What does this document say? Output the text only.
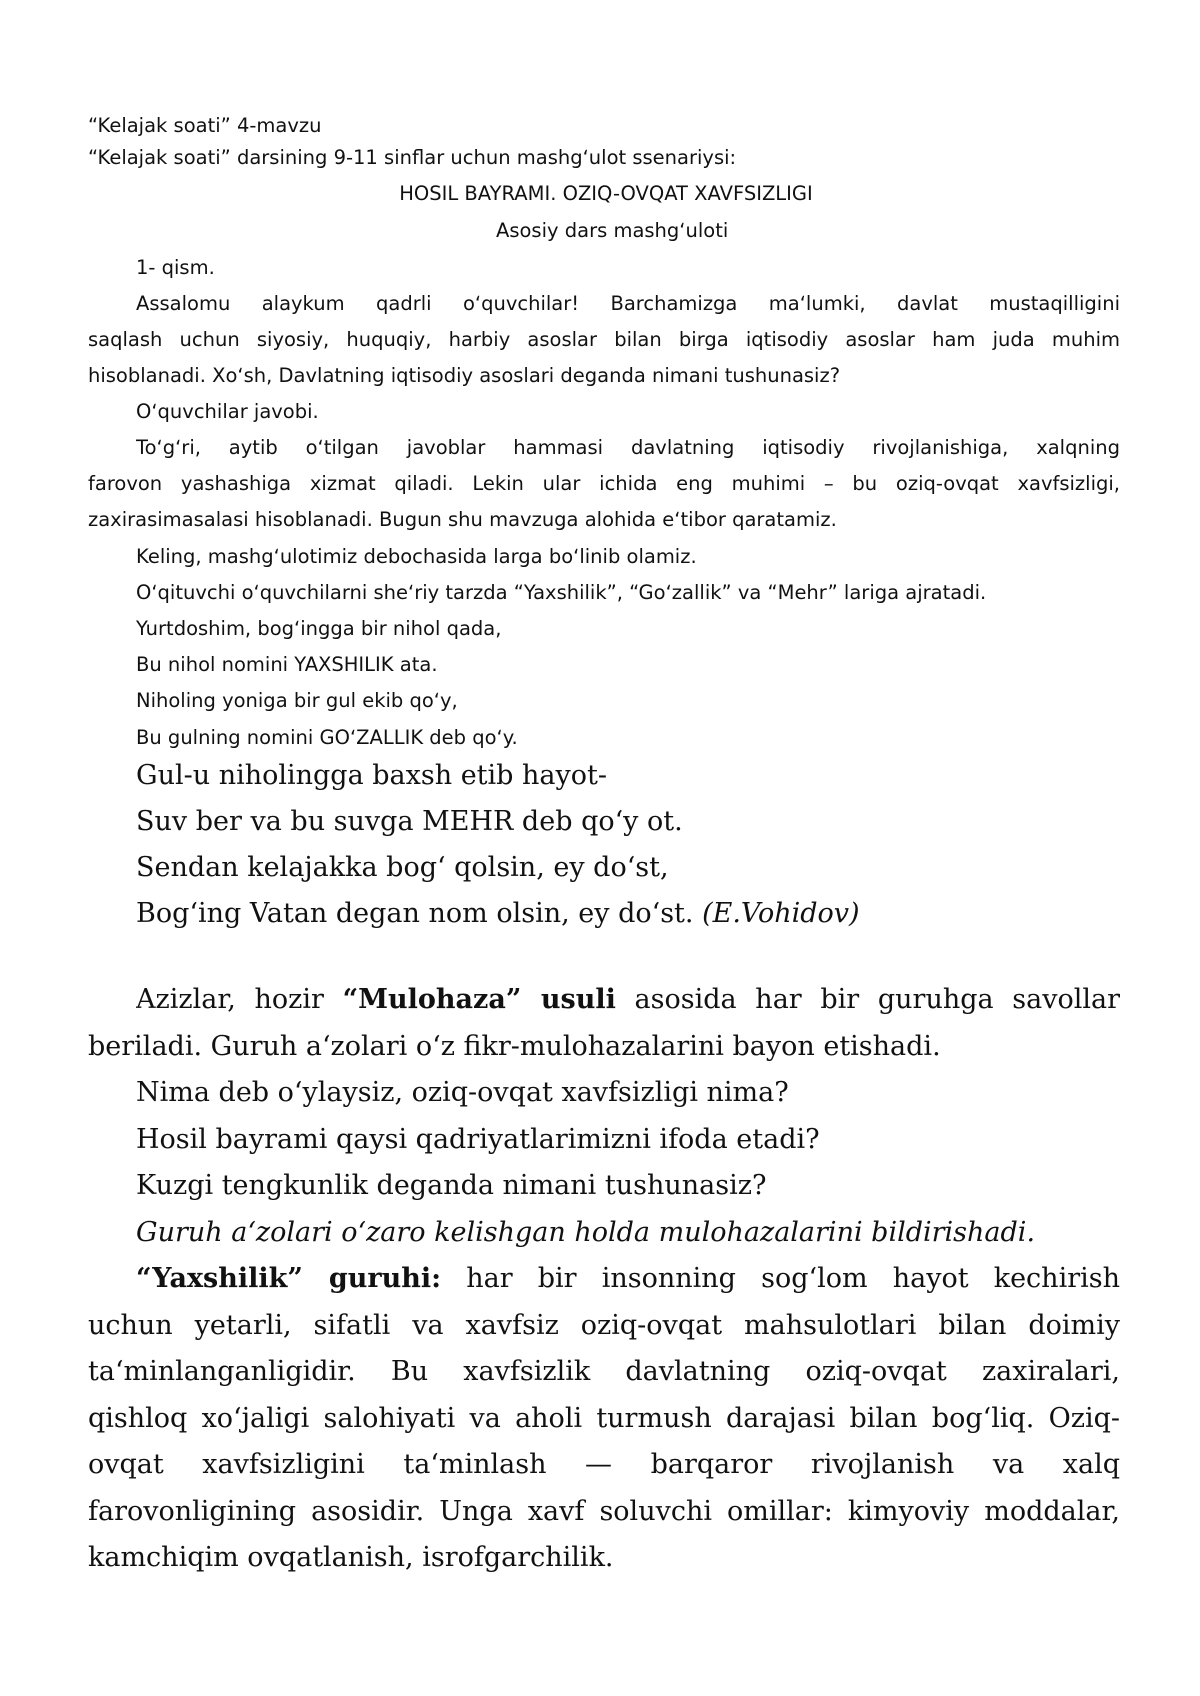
“Kelajak soati” 4-mavzu
“Kelajak soati” darsining 9-11 sinflar uchun mashgʻulot ssenariysi:
HOSIL BAYRAMI. OZIQ-OVQAT XAVFSIZLIGI
Asosiy dars mashgʻuloti
1- qism.
Assalomu alaykum qadrli oʻquvchilar! Barchamizga maʻlumki, davlat mustaqilligini
saqlash uchun siyosiy, huquqiy, harbiy asoslar bilan birga iqtisodiy asoslar ham juda muhim
hisoblanadi. Xoʻsh, Davlatning iqtisodiy asoslari deganda nimani tushunasiz?
Oʻquvchilar javobi.
Toʻgʻri, aytib oʻtilgan javoblar hammasi davlatning iqtisodiy rivojlanishiga, xalqning
farovon yashashiga xizmat qiladi. Lekin ular ichida eng muhimi – bu oziq-ovqat xavfsizligi,
zaxirasimasalasi hisoblanadi. Bugun shu mavzuga alohida eʻtibor qaratamiz.
Keling, mashgʻulotimiz debochasida larga boʻlinib olamiz.
Oʻqituvchi oʻquvchilarni sheʻriy tarzda “Yaxshilik”, “Goʻzallik” va “Mehr” lariga ajratadi.
Yurtdoshim, bogʻingga bir nihol qada,
Bu nihol nomini YAXSHILIK ata.
Niholing yoniga bir gul ekib qoʻy,
Bu gulning nomini GOʻZALLIK deb qoʻy.
Gul-u niholingga baxsh etib hayot-
Suv ber va bu suvga MEHR deb qoʻy ot.
Sendan kelajakka bogʻ qolsin, ey doʻst,
Bogʻing Vatan degan nom olsin, ey doʻst. (E.Vohidov)
Azizlar, hozir “Mulohaza” usuli asosida har bir guruhga savollar
beriladi. Guruh aʻzolari oʻz fikr-mulohazalarini bayon etishadi.
Nima deb oʻylaysiz, oziq-ovqat xavfsizligi nima?
Hosil bayrami qaysi qadriyatlarimizni ifoda etadi?
Kuzgi tengkunlik deganda nimani tushunasiz?
Guruh aʻzolari oʻzaro kelishgan holda mulohazalarini bildirishadi.
“Yaxshilik” guruhi: har bir insonning sogʻlom hayot kechirish
uchun yetarli, sifatli va xavfsiz oziq-ovqat mahsulotlari bilan doimiy
taʻminlanganligidir. Bu xavfsizlik davlatning oziq-ovqat zaxiralari,
qishloq xoʻjaligi salohiyati va aholi turmush darajasi bilan bogʻliq. Oziq-
ovqat xavfsizligini taʻminlash — barqaror rivojlanish va xalq
farovonligining asosidir. Unga xavf soluvchi omillar: kimyoviy moddalar,
kamchiqim ovqatlanish, isrofgarchilik.
